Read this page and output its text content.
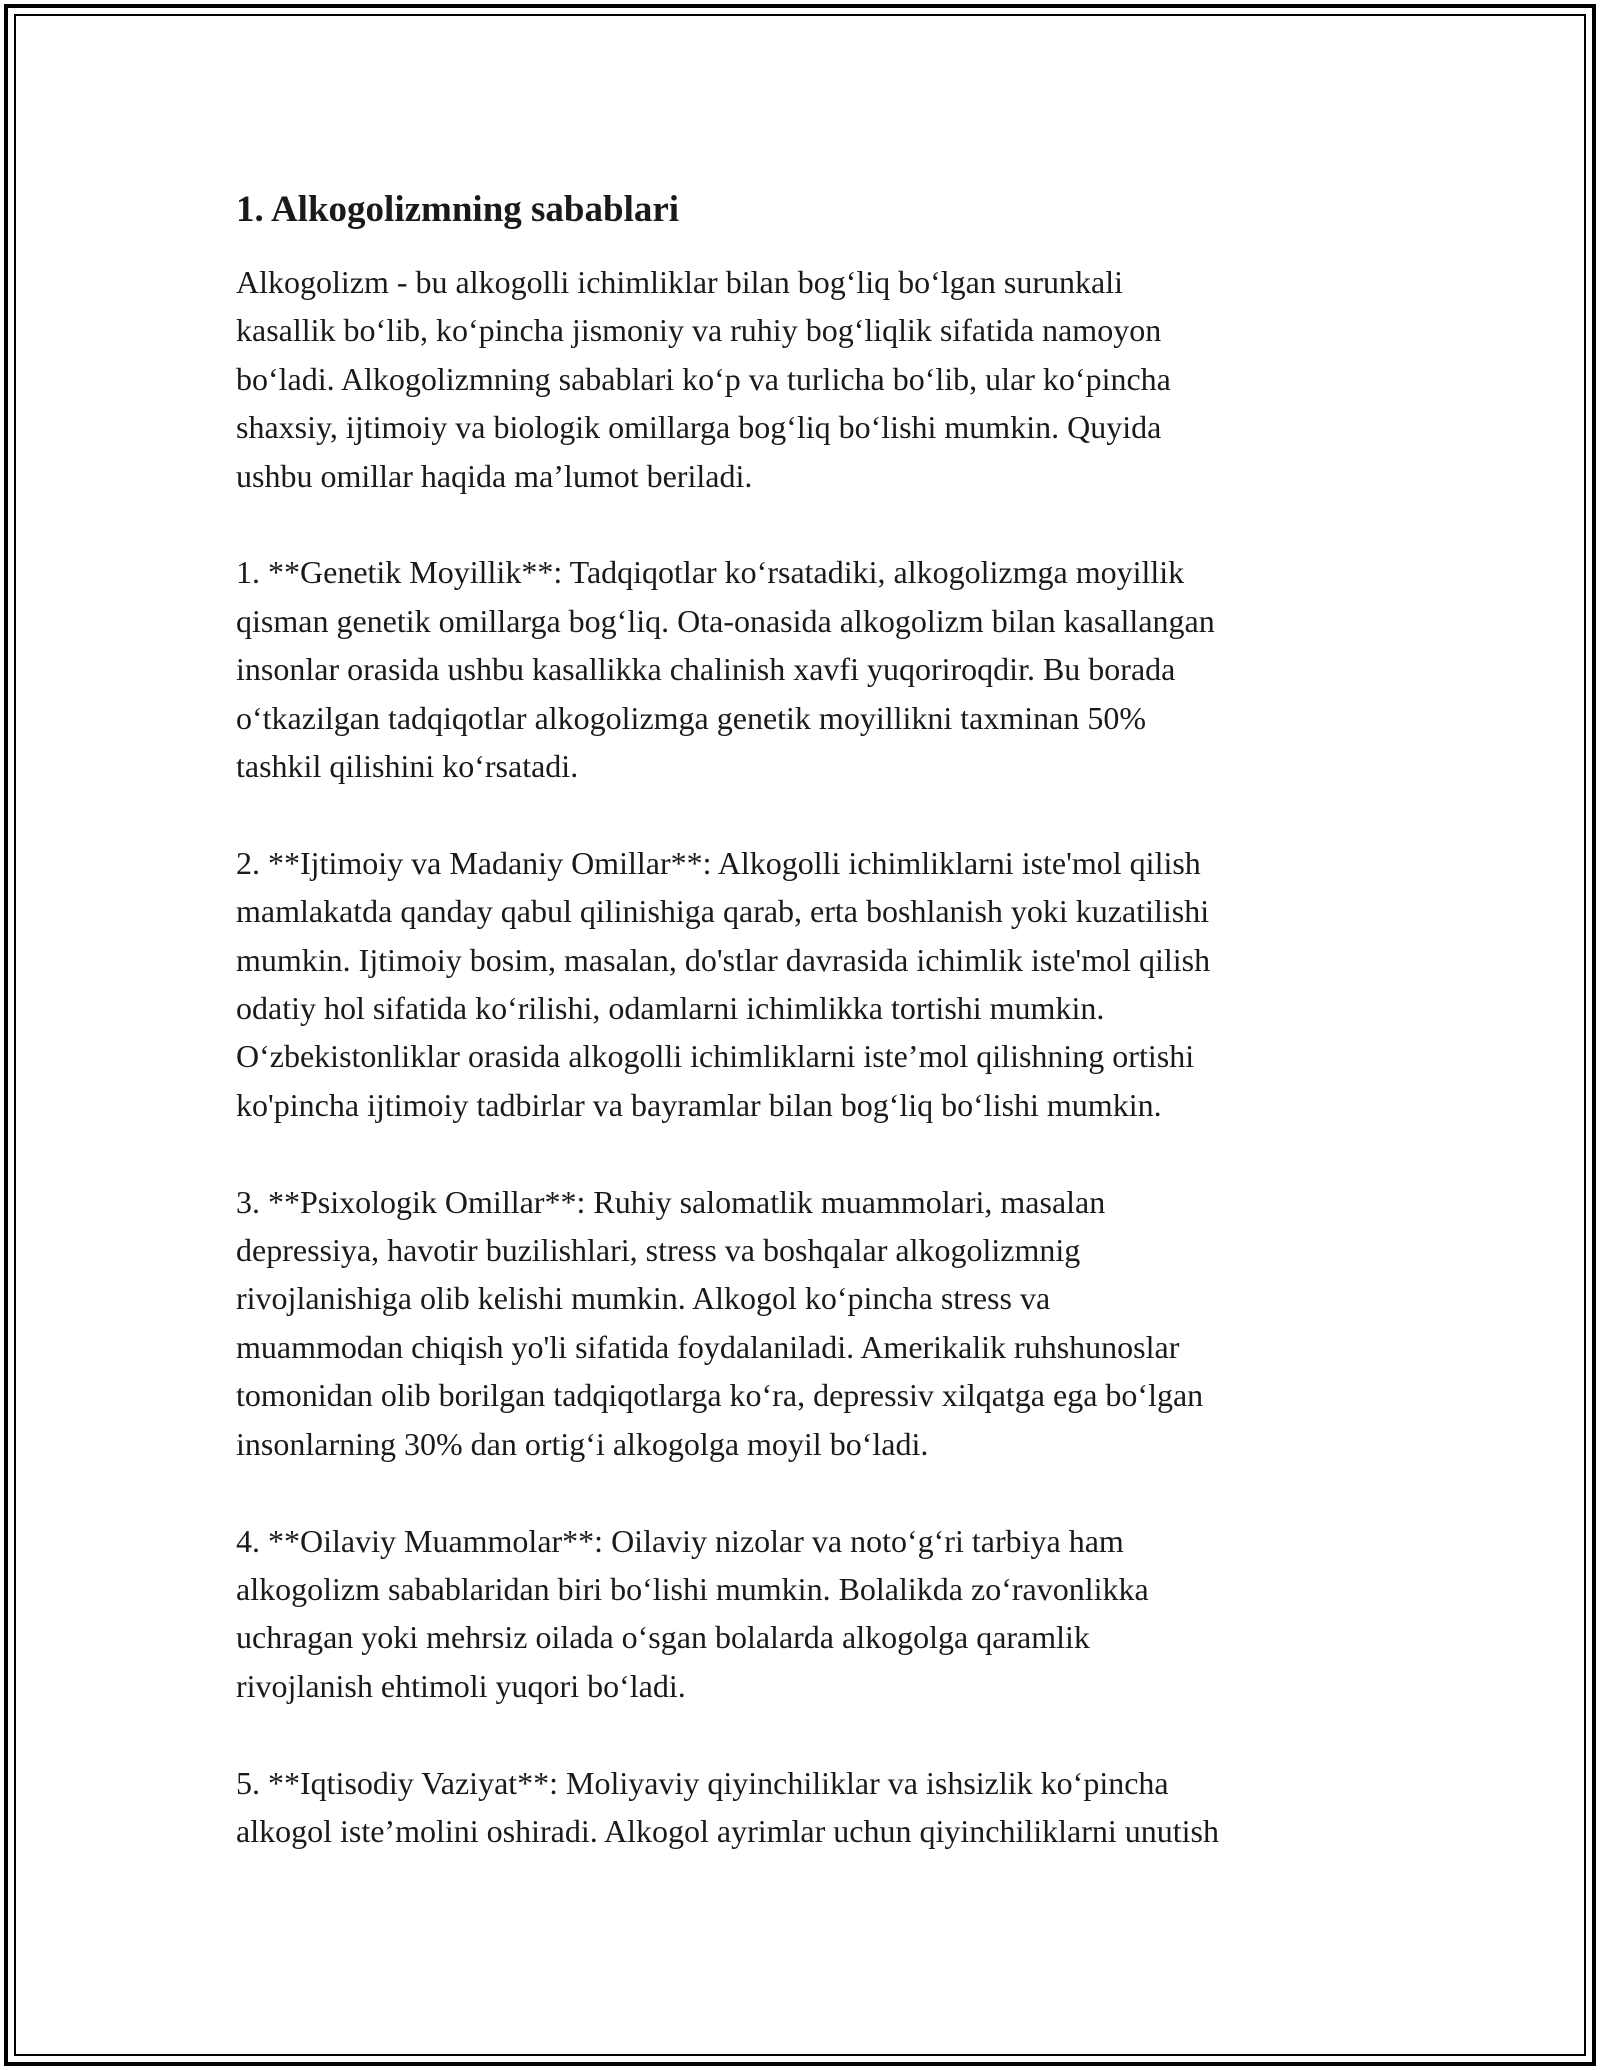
1. Alkogolizmning sabablari
Alkogolizm - bu alkogolli ichimliklar bilan bog‘liq bo‘lgan surunkali
kasallik bo‘lib, ko‘pincha jismoniy va ruhiy bog‘liqlik sifatida namoyon
bo‘ladi. Alkogolizmning sabablari ko‘p va turlicha bo‘lib, ular ko‘pincha
shaxsiy, ijtimoiy va biologik omillarga bog‘liq bo‘lishi mumkin. Quyida
ushbu omillar haqida ma’lumot beriladi.
1. **Genetik Moyillik**: Tadqiqotlar ko‘rsatadiki, alkogolizmga moyillik
qisman genetik omillarga bog‘liq. Ota-onasida alkogolizm bilan kasallangan
insonlar orasida ushbu kasallikka chalinish xavfi yuqoriroqdir. Bu borada
o‘tkazilgan tadqiqotlar alkogolizmga genetik moyillikni taxminan 50%
tashkil qilishini ko‘rsatadi.
2. **Ijtimoiy va Madaniy Omillar**: Alkogolli ichimliklarni iste'mol qilish
mamlakatda qanday qabul qilinishiga qarab, erta boshlanish yoki kuzatilishi
mumkin. Ijtimoiy bosim, masalan, do'stlar davrasida ichimlik iste'mol qilish
odatiy hol sifatida ko‘rilishi, odamlarni ichimlikka tortishi mumkin.
O‘zbekistonliklar orasida alkogolli ichimliklarni iste’mol qilishning ortishi
ko'pincha ijtimoiy tadbirlar va bayramlar bilan bog‘liq bo‘lishi mumkin.
3. **Psixologik Omillar**: Ruhiy salomatlik muammolari, masalan
depressiya, havotir buzilishlari, stress va boshqalar alkogolizmnig
rivojlanishiga olib kelishi mumkin. Alkogol ko‘pincha stress va
muammodan chiqish yo'li sifatida foydalaniladi. Amerikalik ruhshunoslar
tomonidan olib borilgan tadqiqotlarga ko‘ra, depressiv xilqatga ega bo‘lgan
insonlarning 30% dan ortig‘i alkogolga moyil bo‘ladi.
4. **Oilaviy Muammolar**: Oilaviy nizolar va noto‘g‘ri tarbiya ham
alkogolizm sabablaridan biri bo‘lishi mumkin. Bolalikda zo‘ravonlikka
uchragan yoki mehrsiz oilada o‘sgan bolalarda alkogolga qaramlik
rivojlanish ehtimoli yuqori bo‘ladi.
5. **Iqtisodiy Vaziyat**: Moliyaviy qiyinchiliklar va ishsizlik ko‘pincha
alkogol iste’molini oshiradi. Alkogol ayrimlar uchun qiyinchiliklarni unutish
